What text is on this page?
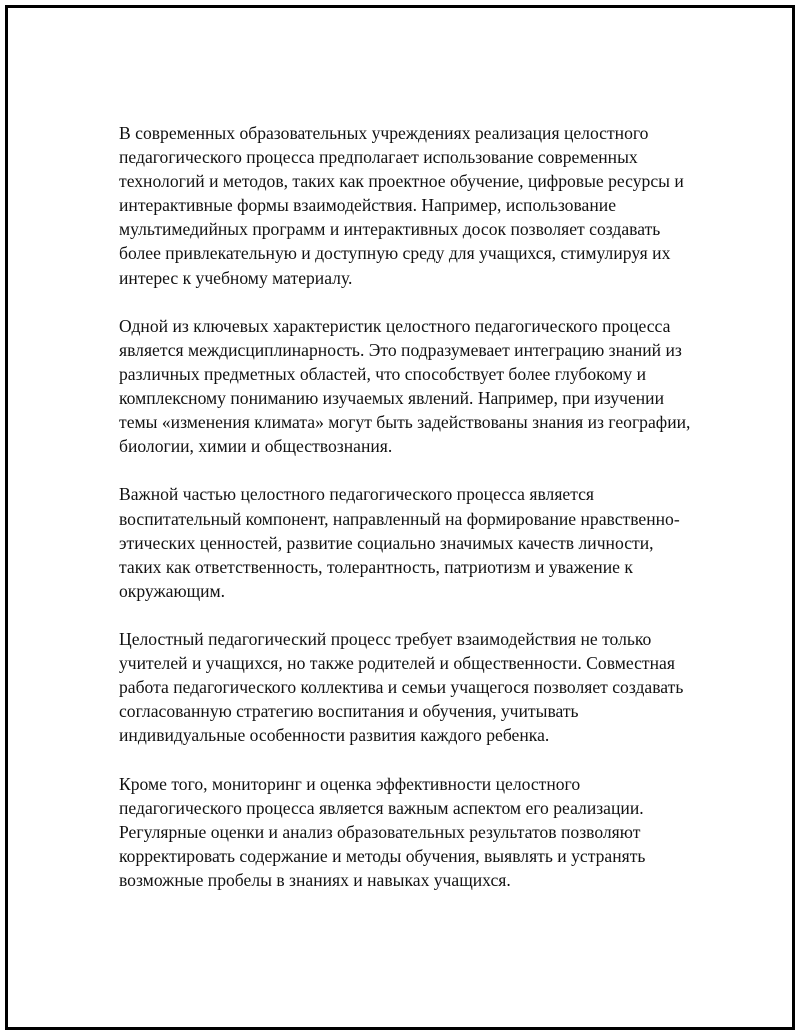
В современных образовательных учреждениях реализация целостного педагогического процесса предполагает использование современных технологий и методов, таких как проектное обучение, цифровые ресурсы и интерактивные формы взаимодействия. Например, использование мультимедийных программ и интерактивных досок позволяет создавать более привлекательную и доступную среду для учащихся, стимулируя их интерес к учебному материалу.

Одной из ключевых характеристик целостного педагогического процесса является междисциплинарность. Это подразумевает интеграцию знаний из различных предметных областей, что способствует более глубокому и комплексному пониманию изучаемых явлений. Например, при изучении темы «изменения климата» могут быть задействованы знания из географии, биологии, химии и обществознания.

Важной частью целостного педагогического процесса является воспитательный компонент, направленный на формирование нравственно-этических ценностей, развитие социально значимых качеств личности, таких как ответственность, толерантность, патриотизм и уважение к окружающим.

Целостный педагогический процесс требует взаимодействия не только учителей и учащихся, но также родителей и общественности. Совместная работа педагогического коллектива и семьи учащегося позволяет создавать согласованную стратегию воспитания и обучения, учитывать индивидуальные особенности развития каждого ребенка.

Кроме того, мониторинг и оценка эффективности целостного педагогического процесса является важным аспектом его реализации. Регулярные оценки и анализ образовательных результатов позволяют корректировать содержание и методы обучения, выявлять и устранять возможные пробелы в знаниях и навыках учащихся.
